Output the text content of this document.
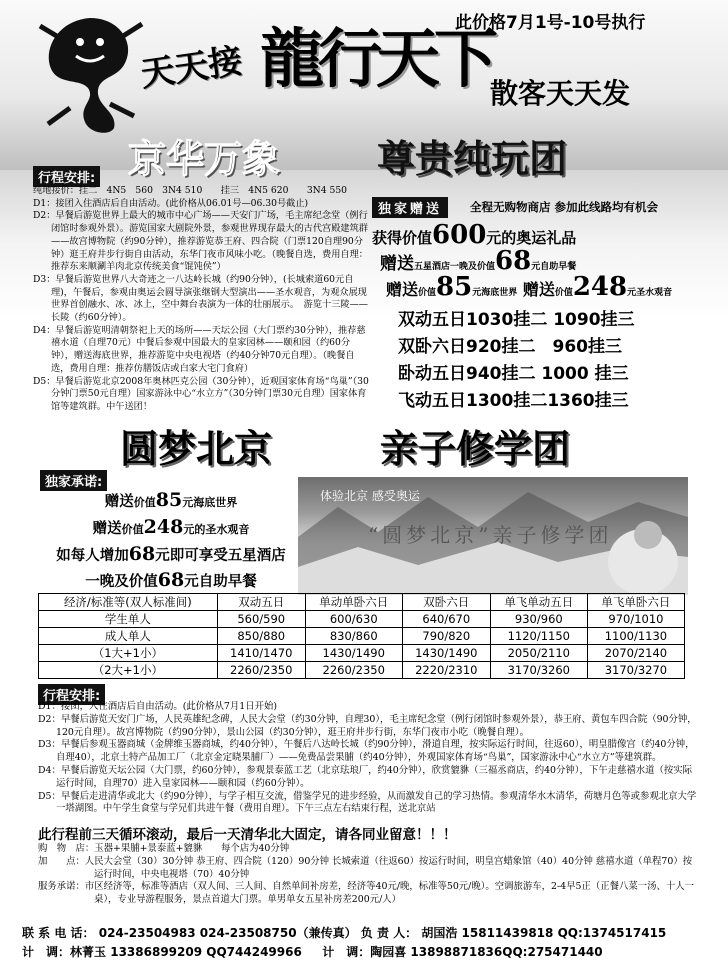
天天接 龍行天下
此价格7月1号-10号执行
散客天天发
京华万象	尊贵纯玩团
行程安排:

纯地接价：挂二　4N5　560　3N4 510　　挂三　4N5 620　　3N4 550

D1：接团入住酒店后自由活动。(此价格从06.01号—06.30号截止)

D2：早餐后游览世界上最大的城市中心广场——天安门广场，毛主席纪念堂（例行闭馆时参观外景）。游览国家大剧院外景，参观世界现存最大的古代宫殿建筑群——故宫博物院（约90分钟），推荐游览恭王府、四合院（门票120自理90分钟）逛王府井步行街自由活动，东华门夜市风味小吃。（晚餐自选，费用自理：推荐东来顺涮羊肉北京传统美食“馄饨侯”）

D3：早餐后游览世界八大奇迹之一八达岭长城（约90分钟），(长城索道60元自理)，午餐后，参观由奥运会圆导演张继钢大型演出——圣水观音，为观众展现世界首创融水、冰、冰上，空中舞台表演为一体的壮丽展示。　游览十三陵——长陵（约60分钟）。

D4：早餐后游览明清朝祭祀上天的场所——天坛公园（大门票约30分钟），推荐慈禧水道（自理70元）中餐后参观中国最大的皇家园林——颐和园（约60分钟），赠送海底世界，推荐游览中央电视塔（约40分钟70元自理）。（晚餐自选，费用自理：推荐仿膳饭店或白家大宅门食府）

D5：早餐后游览北京2008年奥林匹克公园（30分钟），近观国家体育场“鸟巢”（30分钟门票50元自理）国家游泳中心“水立方”（30分钟门票30元自理）国家体育馆等建筑群。中午送团！

独家赠送	全程无购物商店 参加此线路均有机会
获得价值600元的奥运礼品
赠送五星酒店一晚及价值68元自助早餐
赠送价值85元海底世界 赠送价值248元圣水观音
双动五日1030挂二 1090挂三
双卧六日920挂二　960挂三
卧动五日940挂二 1000 挂三
飞动五日1300挂二1360挂三
圆梦北京	亲子修学团
独家承诺:
赠送价值85元海底世界
赠送价值248元的圣水观音
如每人增加68元即可享受五星酒店
一晚及价值68元自助早餐
体验北京 感受奥运
“圆梦北京”亲子修学团
经济/标准等(双人标准间)	双动五日	单动单卧六日	双卧六日	单飞单动五日	单飞单卧六日
学生单人	560/590	600/630	640/670	930/960	970/1010
成人单人	850/880	830/860	790/820	1120/1150	1100/1130
（1大+1小）	1410/1470	1430/1490	1430/1490	2050/2110	2070/2140
（2大+1小）	2260/2350	2260/2350	2220/2310	3170/3260	3170/3270
行程安排:

D1：接团，入住酒店后自由活动。(此价格从7月1日开始)

D2：早餐后游览天安门广场，人民英雄纪念碑，人民大会堂（约30分钟，自理30），毛主席纪念堂（例行闭馆时参观外景），恭王府、黄包车四合院（90分钟，120元自理）。故宫博物院（约90分钟），景山公园（约30分钟），逛王府井步行街，东华门夜市小吃（晚餐自理）。

D3：早餐后参观玉器商城（金牌维玉器商城，约40分钟），午餐后八达岭长城（约90分钟），滑道自理，按实际运行时间，往返60），明皇腊像宫（约40分钟，自理40），北京土特产品加工厂（北京金定晓果脯厂）——免费品尝果脯（约40分钟），外观国家体育场“鸟巢”，国家游泳中心“水立方”等建筑群。

D4：早餐后游览天坛公园（大门票，约60分钟），参观景泰蓝工艺（北京珐琅厂，约40分钟），欣赏貔貅（三福丞商店，约40分钟），下午走慈禧水道（按实际运行时间，自理70）进入皇家园林——颐和园（约60分钟）。

D5：早餐后走进清华或北大（约90分钟），与学子相互交流，借鉴学兄的进步经验，从而激发自己的学习热情。参观清华水木清华，荷塘月色等或参观北京大学一塔湖图。中午学生食堂与学兄们共进午餐（费用自理）。下午三点左右结束行程，送北京站

此行程前三天循环滚动，最后一天清华北大固定，请各同业留意！！！

购　物　店：玉器+果脯+景泰蓝+貔貅　　每个店为40分钟

加　　点：人民大会堂（30）30分钟 恭王府、四合院（120）90分钟 长城索道（往返60）按运行时间，明皇宫蜡象馆（40）40分钟 慈禧水道（单程70）按运行时间，中央电视塔（70）40分钟

服务承诺：市区经济等，标准等酒店（双人间、三人间、自然单间补房差，经济等40元/晚，标准等50元/晚）。空调旅游车，2-4早5正（正餐八菜一汤、十人一桌），专业导游程服务，景点首道大门票。单男单女五星补房差200元/人）

联 系 电 话： 024-23504983 024-23508750（兼传真） 负 责 人： 胡国浩 15811439818 QQ:1374517415
计　调：林菁玉 13386899209 QQ744249966 　 计　调：陶园喜 13898871836QQ:275471440
